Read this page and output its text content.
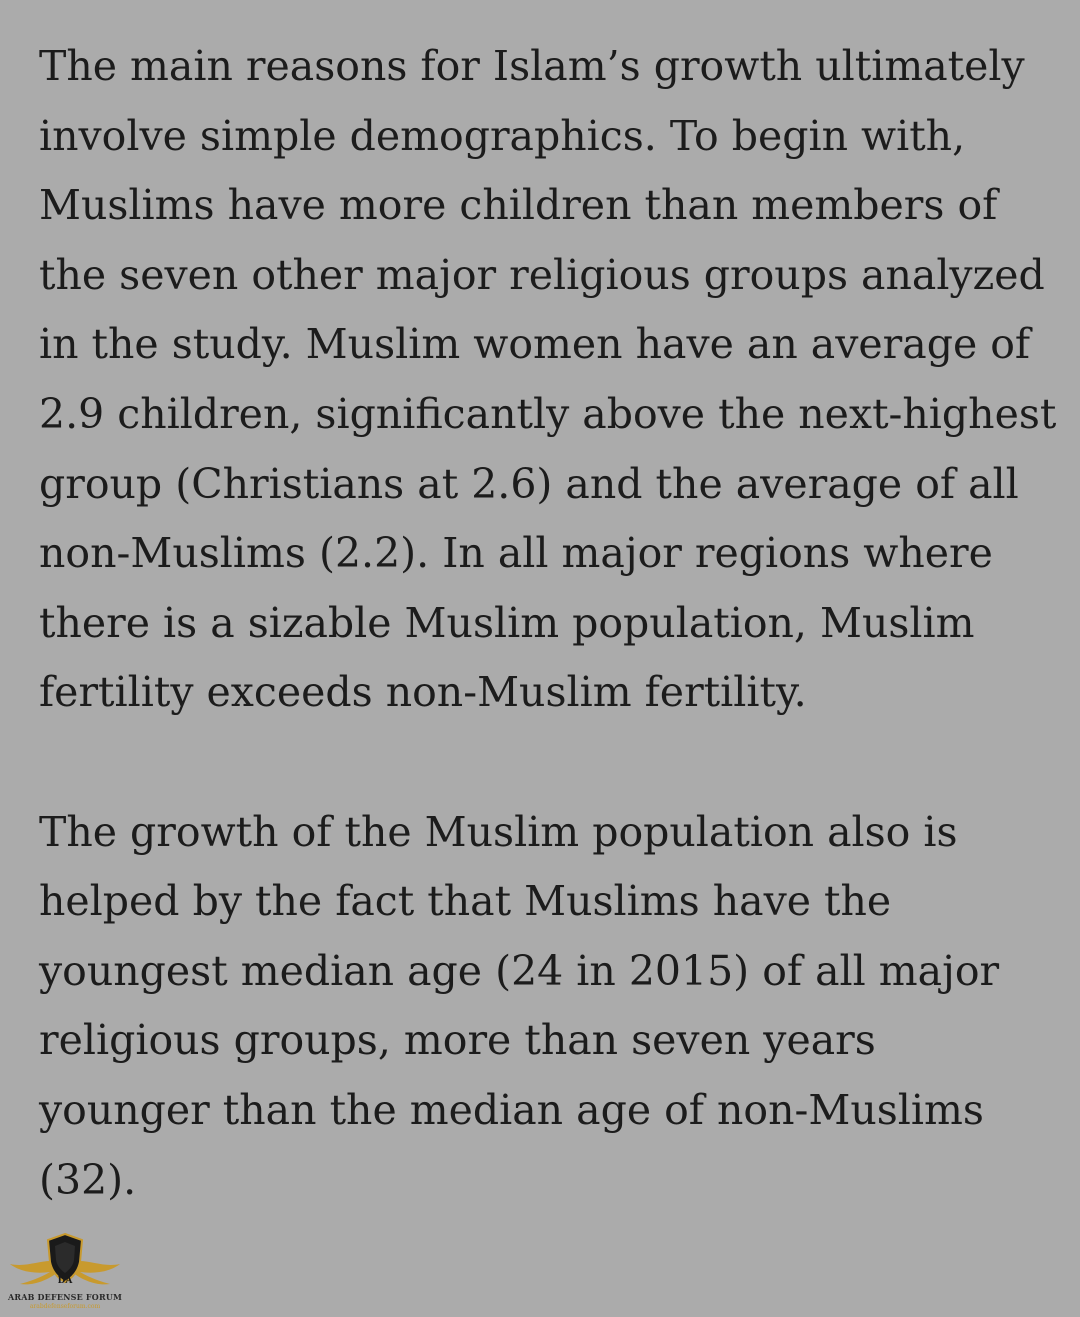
The main reasons for Islam’s growth ultimately involve simple demographics. To begin with, Muslims have more children than members of the seven other major religious groups analyzed in the study. Muslim women have an average of 2.9 children, significantly above the next-highest group (Christians at 2.6) and the average of all non-Muslims (2.2). In all major regions where there is a sizable Muslim population, Muslim fertility exceeds non-Muslim fertility.

The growth of the Muslim population also is helped by the fact that Muslims have the youngest median age (24 in 2015) of all major religious groups, more than seven years younger than the median age of non-Muslims (32).

DA
ARAB DEFENSE FORUM
arabdefenseforum.com
